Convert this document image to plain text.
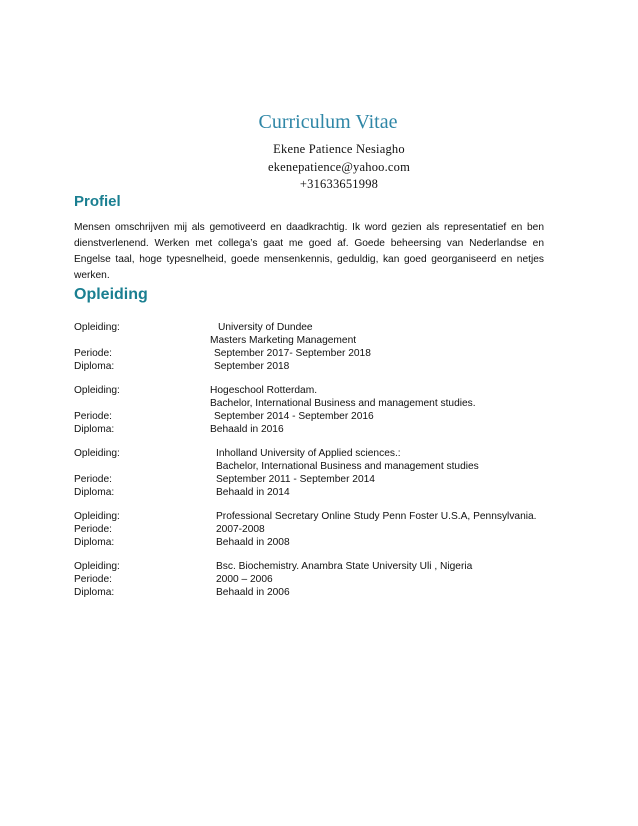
Curriculum Vitae
Ekene Patience Nesiagho
ekenepatience@yahoo.com
+31633651998
Profiel
Mensen omschrijven mij als gemotiveerd en daadkrachtig. Ik word gezien als representatief en ben dienstverlenend. Werken met collega’s gaat me goed af. Goede beheersing van Nederlandse en Engelse taal, hoge typesnelheid, goede mensenkennis, geduldig, kan goed georganiseerd en netjes werken.
Opleiding
Opleiding:	University of Dundee
Masters Marketing Management
Periode:	September 2017- September 2018
Diploma:	September 2018
Opleiding:	Hogeschool Rotterdam.
Bachelor, International Business and management studies.
Periode:	September 2014 - September 2016
Diploma:	Behaald in 2016
Opleiding:	Inholland University of Applied sciences.:
Bachelor, International Business and management studies
Periode:	September 2011 - September 2014
Diploma:	Behaald in 2014
Opleiding:	Professional Secretary Online Study Penn Foster U.S.A, Pennsylvania.
Periode:	2007-2008
Diploma:	Behaald in 2008
Opleiding:	Bsc. Biochemistry. Anambra State University Uli , Nigeria
Periode:	2000 – 2006
Diploma:	Behaald in 2006
